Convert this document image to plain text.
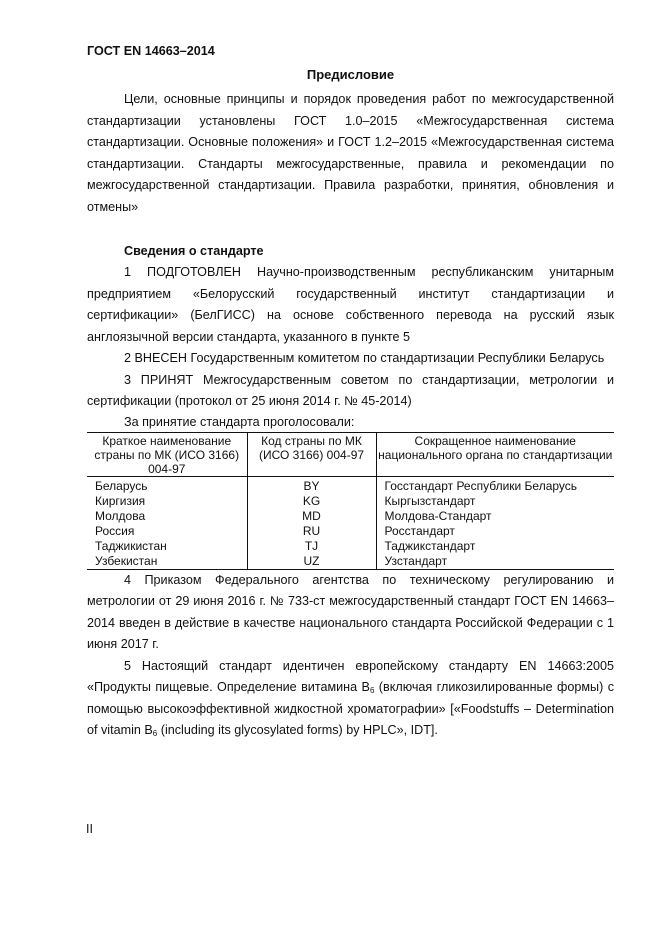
ГОСТ EN 14663–2014
Предисловие

Цели, основные принципы и порядок проведения работ по межгосударственной стандартизации установлены ГОСТ 1.0–2015 «Межгосударственная система стандартизации. Основные положения» и ГОСТ 1.2–2015 «Межгосударственная система стандартизации. Стандарты межгосударственные, правила и рекомендации по межгосударственной стандартизации. Правила разработки, принятия, обновления и отмены»

Сведения о стандарте

1 ПОДГОТОВЛЕН Научно-производственным республиканским унитарным предприятием «Белорусский государственный институт стандартизации и сертификации» (БелГИСС) на основе собственного перевода на русский язык англоязычной версии стандарта, указанного в пункте 5

2 ВНЕСЕН Государственным комитетом по стандартизации Республики Беларусь

3 ПРИНЯТ Межгосударственным советом по стандартизации, метрологии и сертификации (протокол от 25 июня 2014 г. № 45-2014)

За принятие стандарта проголосовали:
Краткое наименование страны по МК (ИСО 3166) 004-97	Код страны по МК (ИСО 3166) 004-97	Сокращенное наименование национального органа по стандартизации
Беларусь	BY	Госстандарт Республики Беларусь
Киргизия	KG	Кыргызстандарт
Молдова	MD	Молдова-Стандарт
Россия	RU	Росстандарт
Таджикистан	TJ	Таджикстандарт
Узбекистан	UZ	Узстандарт

4 Приказом Федерального агентства по техническому регулированию и метрологии от 29 июня 2016 г. № 733-ст межгосударственный стандарт ГОСТ EN 14663–2014 введен в действие в качестве национального стандарта Российской Федерации с 1 июня 2017 г.

5 Настоящий стандарт идентичен европейскому стандарту EN 14663:2005 «Продукты пищевые. Определение витамина $B_6$ (включая гликозилированные формы) с помощью высокоэффективной жидкостной хроматографии» [«Foodstuffs – Determination of vitamin $B_6$ (including its glycosylated forms) by HPLC», IDT].

II
